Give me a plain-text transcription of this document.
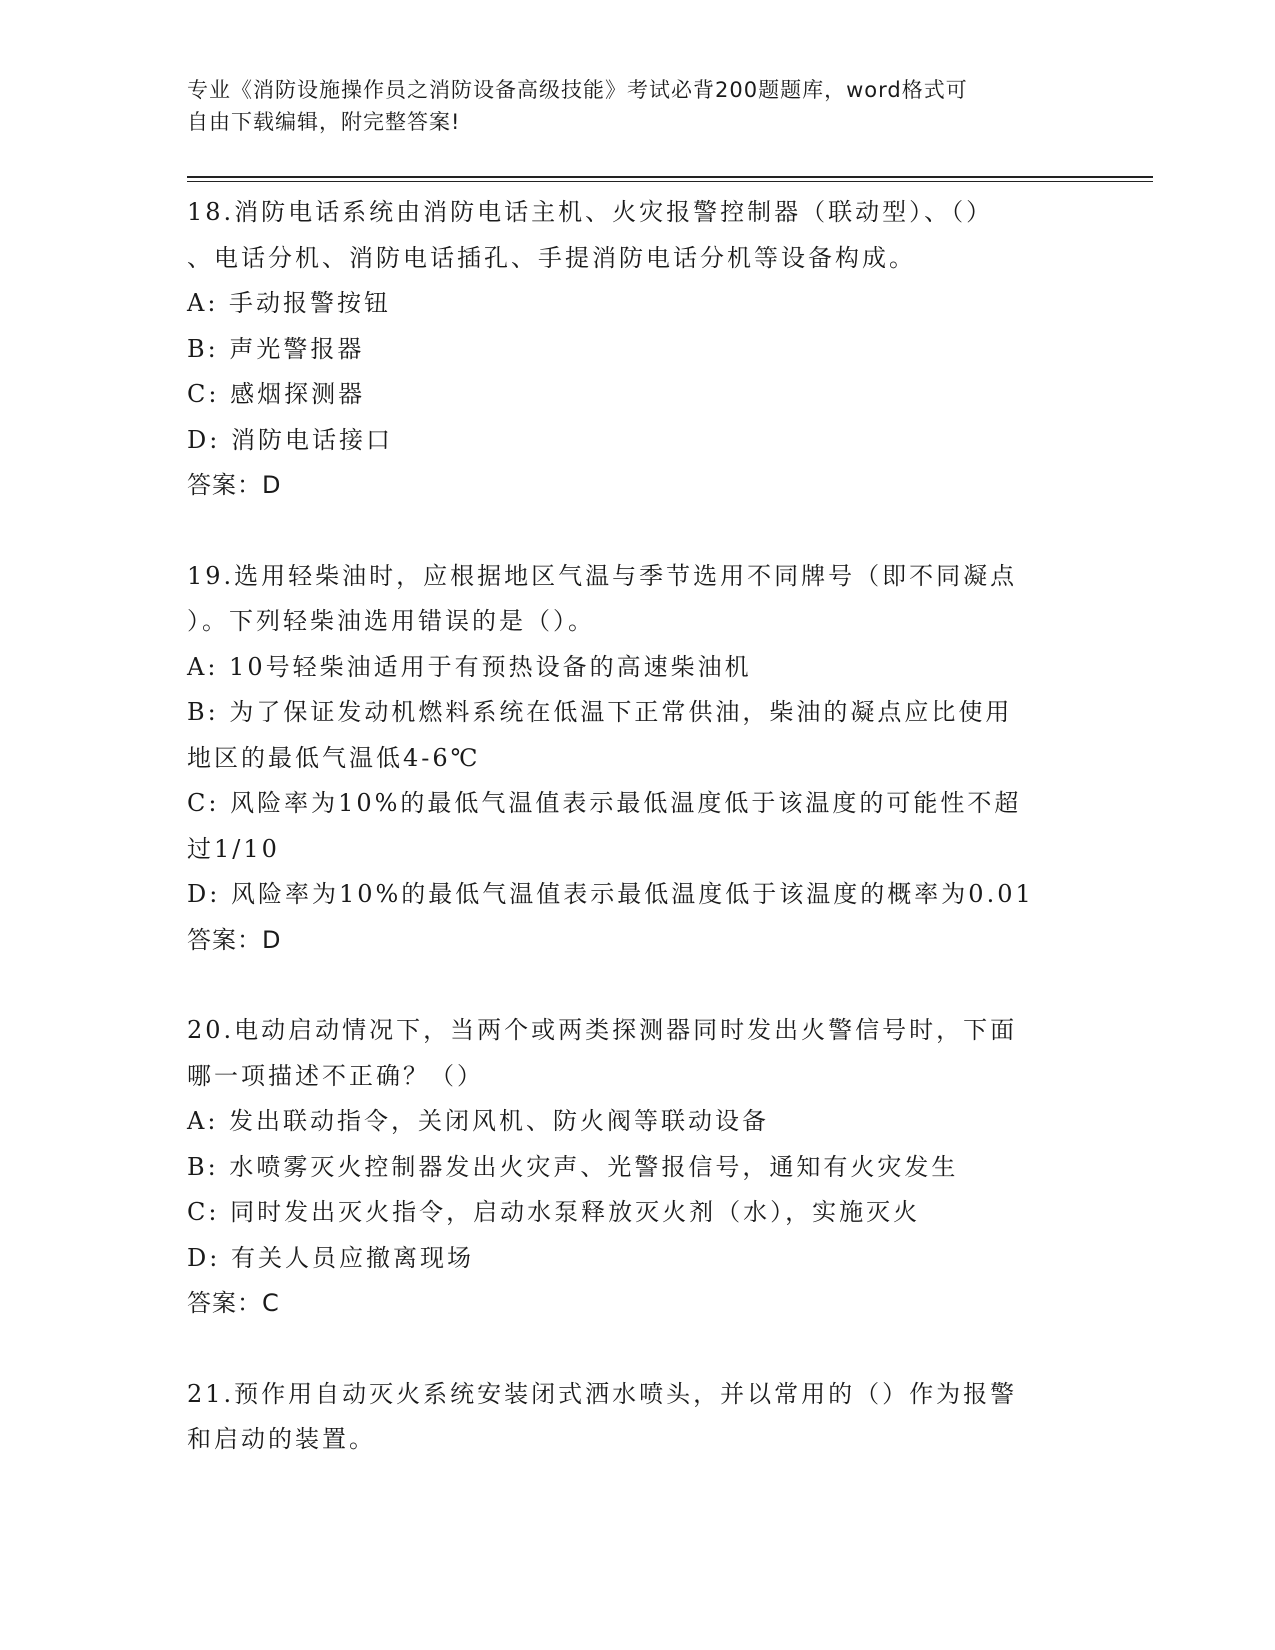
专业《消防设施操作员之消防设备高级技能》考试必背200题题库，word格式可
自由下载编辑，附完整答案!
18.消防电话系统由消防电话主机、火灾报警控制器（联动型）、（）
、电话分机、消防电话插孔、手提消防电话分机等设备构成。
A: 手动报警按钮
B: 声光警报器
C: 感烟探测器
D: 消防电话接口
答案：D
19.选用轻柴油时，应根据地区气温与季节选用不同牌号（即不同凝点
）。下列轻柴油选用错误的是（）。
A: 10号轻柴油适用于有预热设备的高速柴油机
B: 为了保证发动机燃料系统在低温下正常供油，柴油的凝点应比使用
地区的最低气温低4-6℃
C: 风险率为10%的最低气温值表示最低温度低于该温度的可能性不超
过1/10
D: 风险率为10%的最低气温值表示最低温度低于该温度的概率为0.01
答案：D
20.电动启动情况下，当两个或两类探测器同时发出火警信号时，下面
哪一项描述不正确？（）
A: 发出联动指令，关闭风机、防火阀等联动设备
B: 水喷雾灭火控制器发出火灾声、光警报信号，通知有火灾发生
C: 同时发出灭火指令，启动水泵释放灭火剂（水），实施灭火
D: 有关人员应撤离现场
答案：C
21.预作用自动灭火系统安装闭式洒水喷头，并以常用的（）作为报警
和启动的装置。
